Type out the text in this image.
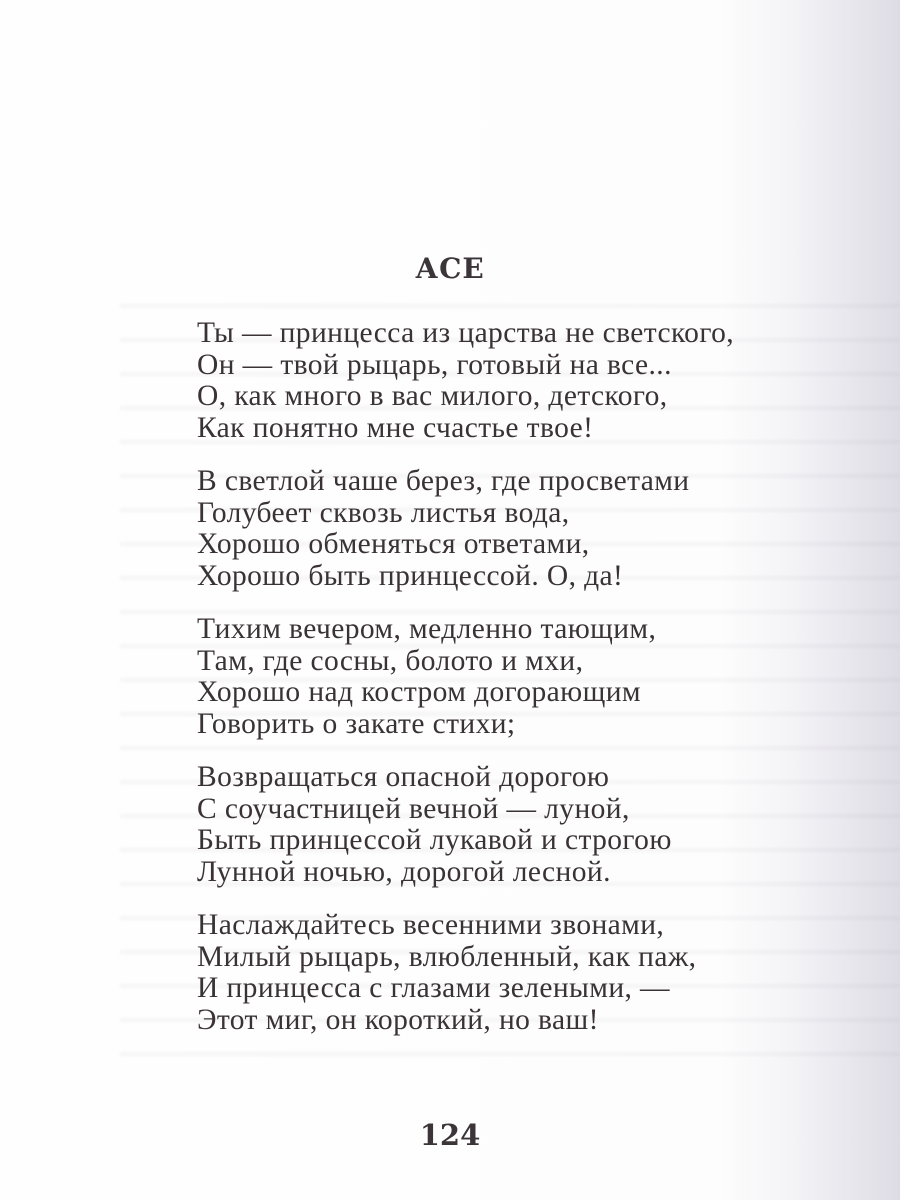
АСЕ
Ты — принцесса из царства не светского,
Он — твой рыцарь, готовый на все...
О, как много в вас милого, детского,
Как понятно мне счастье твое!
В светлой чаше берез, где просветами
Голубеет сквозь листья вода,
Хорошо обменяться ответами,
Хорошо быть принцессой. О, да!
Тихим вечером, медленно тающим,
Там, где сосны, болото и мхи,
Хорошо над костром догорающим
Говорить о закате стихи;
Возвращаться опасной дорогою
С соучастницей вечной — луной,
Быть принцессой лукавой и строгою
Лунной ночью, дорогой лесной.
Наслаждайтесь весенними звонами,
Милый рыцарь, влюбленный, как паж,
И принцесса с глазами зелеными, —
Этот миг, он короткий, но ваш!
124
